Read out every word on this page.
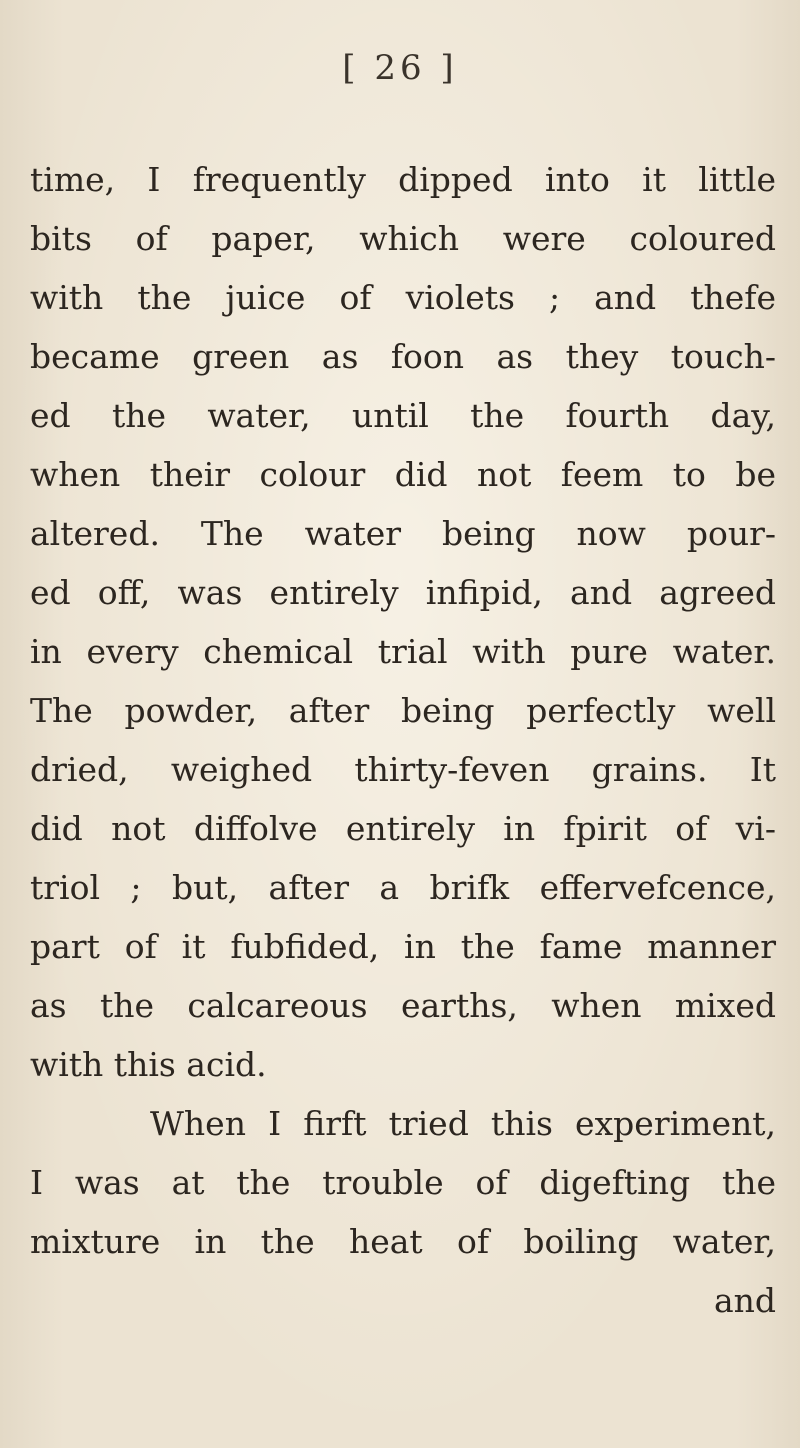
[ 26 ]
time, I frequently dipped into it little
bits of paper, which were coloured
with the juice of violets ; and thefe
became green as foon as they touch-
ed the water, until the fourth day,
when their colour did not feem to be
altered. The water being now pour-
ed off, was entirely infipid, and agreed
in every chemical trial with pure water.
The powder, after being perfectly well
dried, weighed thirty-feven grains. It
did not diffolve entirely in fpirit of vi-
triol ; but, after a brifk effervefcence,
part of it fubfided, in the fame manner
as the calcareous earths, when mixed
with this acid.
When I firft tried this experiment,
I was at the trouble of digefting the
mixture in the heat of boiling water,
and
